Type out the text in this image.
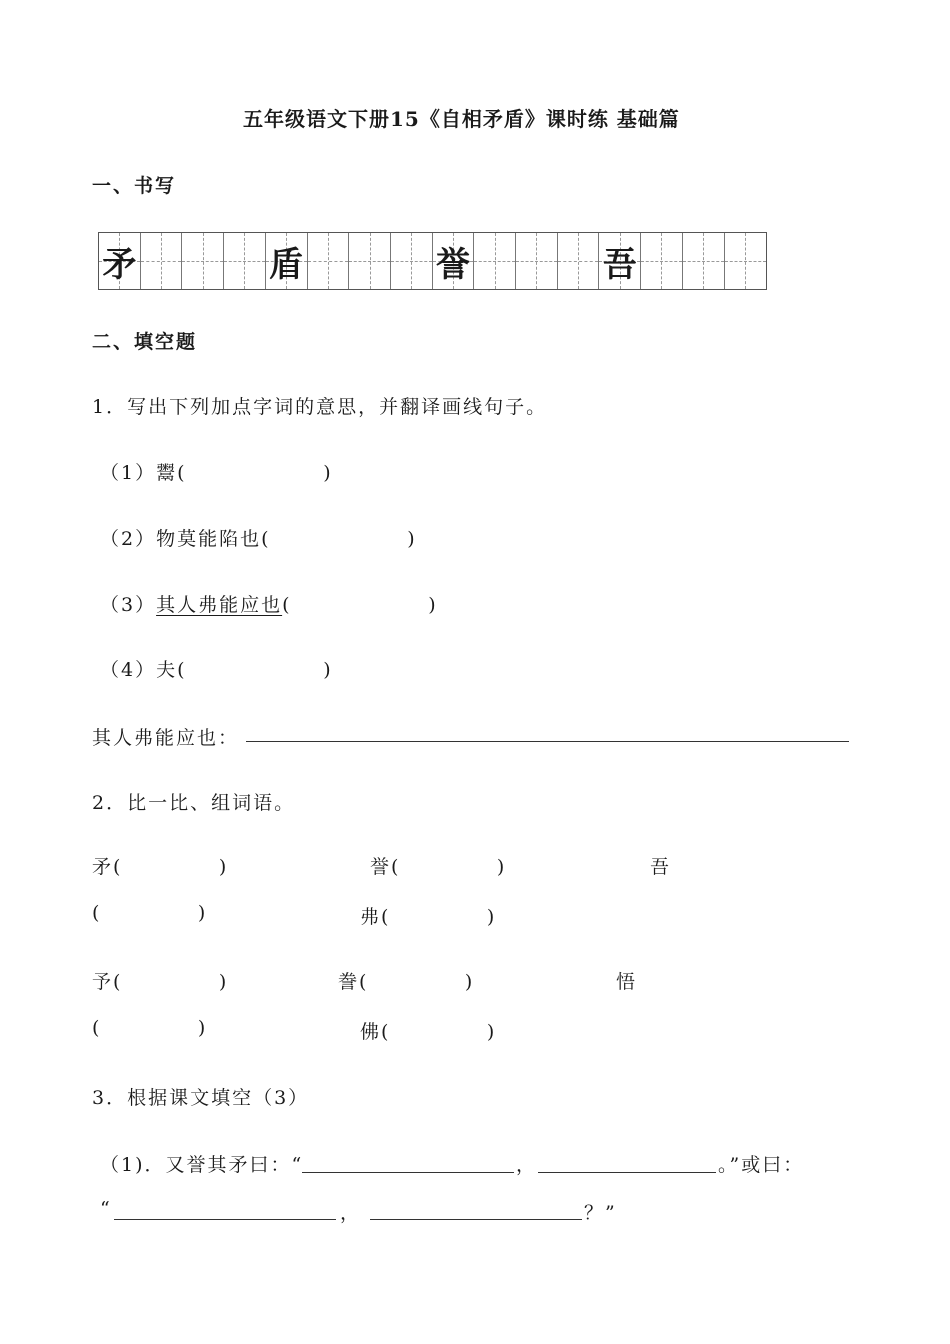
五年级语文下册15《自相矛盾》课时练 基础篇
一、书写
矛	盾	誉	吾
二、填空题
1．写出下列加点字词的意思，并翻译画线句子。
（1）鬻(                 )
（2）物莫能陷也(                 )
（3）其人弗能应也(                 )
（4）夫(                 )
其人弗能应也：
2．比一比、组词语。
矛(            )	誉(            )	吾
(            )	弗(            )
予(            )	誊(            )	悟
(            )	佛(            )
3．根据课文填空（3）
（1)．又誉其矛曰：“	，	。”或曰：
“	，	？”
